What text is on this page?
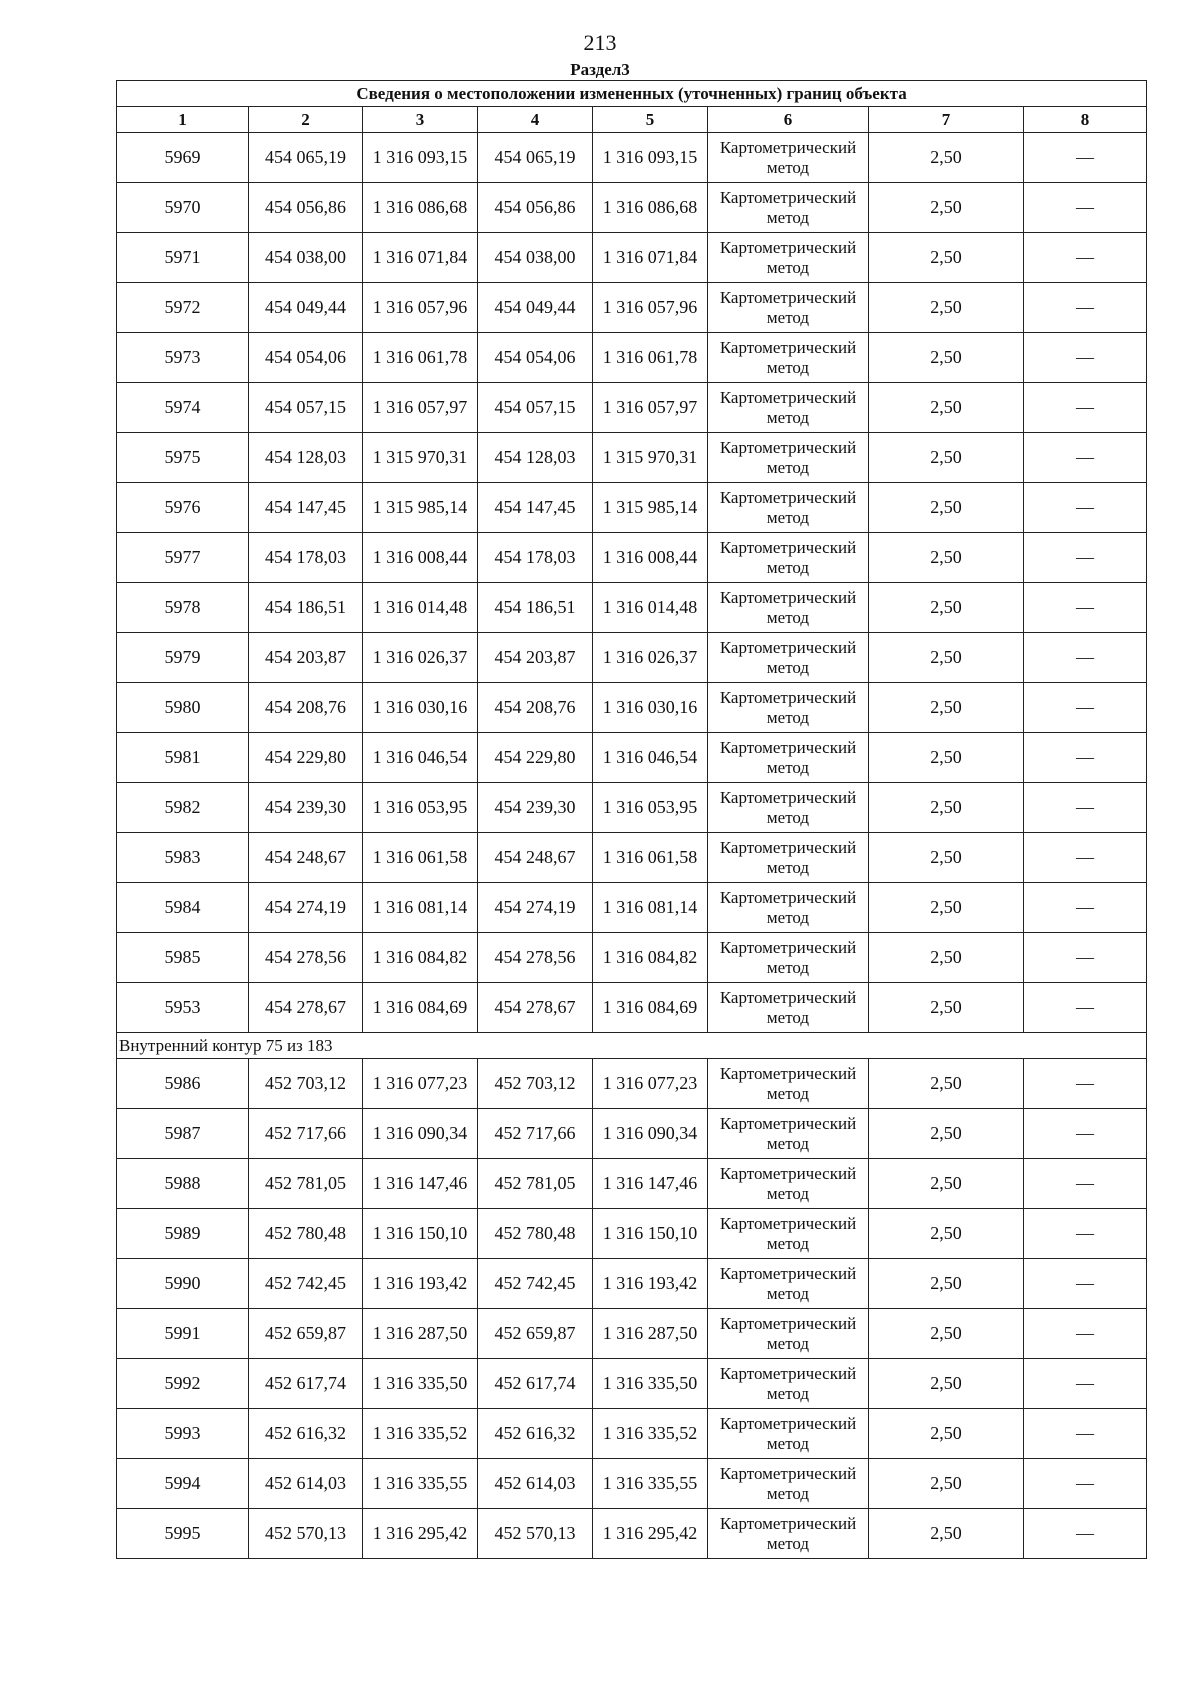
213
Раздел3
Сведения о местоположении измененных (уточненных) границ объекта							
1	2	3	4	5	6	7	8
5969	454 065,19	1 316 093,15	454 065,19	1 316 093,15	Картометрический метод	2,50	—
5970	454 056,86	1 316 086,68	454 056,86	1 316 086,68	Картометрический метод	2,50	—
5971	454 038,00	1 316 071,84	454 038,00	1 316 071,84	Картометрический метод	2,50	—
5972	454 049,44	1 316 057,96	454 049,44	1 316 057,96	Картометрический метод	2,50	—
5973	454 054,06	1 316 061,78	454 054,06	1 316 061,78	Картометрический метод	2,50	—
5974	454 057,15	1 316 057,97	454 057,15	1 316 057,97	Картометрический метод	2,50	—
5975	454 128,03	1 315 970,31	454 128,03	1 315 970,31	Картометрический метод	2,50	—
5976	454 147,45	1 315 985,14	454 147,45	1 315 985,14	Картометрический метод	2,50	—
5977	454 178,03	1 316 008,44	454 178,03	1 316 008,44	Картометрический метод	2,50	—
5978	454 186,51	1 316 014,48	454 186,51	1 316 014,48	Картометрический метод	2,50	—
5979	454 203,87	1 316 026,37	454 203,87	1 316 026,37	Картометрический метод	2,50	—
5980	454 208,76	1 316 030,16	454 208,76	1 316 030,16	Картометрический метод	2,50	—
5981	454 229,80	1 316 046,54	454 229,80	1 316 046,54	Картометрический метод	2,50	—
5982	454 239,30	1 316 053,95	454 239,30	1 316 053,95	Картометрический метод	2,50	—
5983	454 248,67	1 316 061,58	454 248,67	1 316 061,58	Картометрический метод	2,50	—
5984	454 274,19	1 316 081,14	454 274,19	1 316 081,14	Картометрический метод	2,50	—
5985	454 278,56	1 316 084,82	454 278,56	1 316 084,82	Картометрический метод	2,50	—
5953	454 278,67	1 316 084,69	454 278,67	1 316 084,69	Картометрический метод	2,50	—
Внутренний контур 75 из 183							
5986	452 703,12	1 316 077,23	452 703,12	1 316 077,23	Картометрический метод	2,50	—
5987	452 717,66	1 316 090,34	452 717,66	1 316 090,34	Картометрический метод	2,50	—
5988	452 781,05	1 316 147,46	452 781,05	1 316 147,46	Картометрический метод	2,50	—
5989	452 780,48	1 316 150,10	452 780,48	1 316 150,10	Картометрический метод	2,50	—
5990	452 742,45	1 316 193,42	452 742,45	1 316 193,42	Картометрический метод	2,50	—
5991	452 659,87	1 316 287,50	452 659,87	1 316 287,50	Картометрический метод	2,50	—
5992	452 617,74	1 316 335,50	452 617,74	1 316 335,50	Картометрический метод	2,50	—
5993	452 616,32	1 316 335,52	452 616,32	1 316 335,52	Картометрический метод	2,50	—
5994	452 614,03	1 316 335,55	452 614,03	1 316 335,55	Картометрический метод	2,50	—
5995	452 570,13	1 316 295,42	452 570,13	1 316 295,42	Картометрический метод	2,50	—
